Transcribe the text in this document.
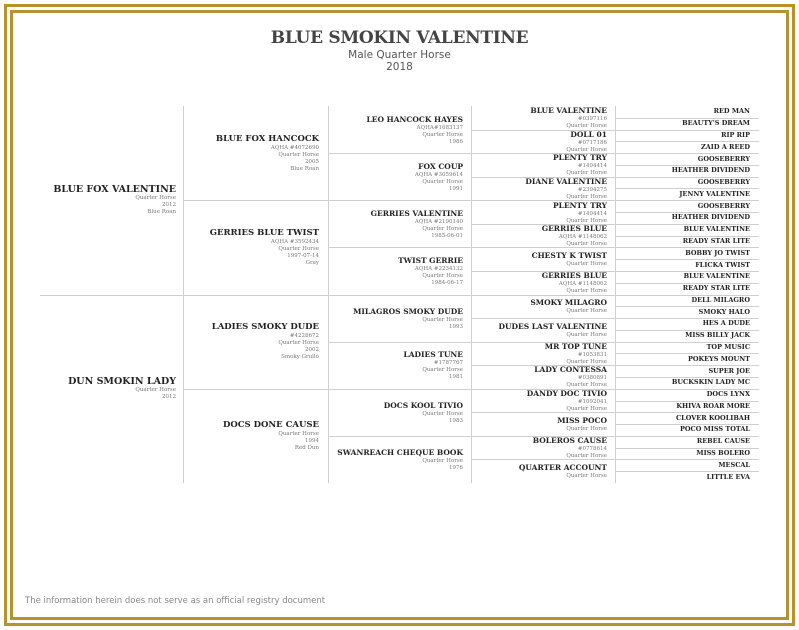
BLUE SMOKIN VALENTINE
Male Quarter Horse
2018
BLUE FOX VALENTINE
Quarter Horse
2012
Blue Roan
DUN SMOKIN LADY
Quarter Horse
2012
BLUE FOX HANCOCK
AQHA #4072690
Quarter Horse
2005
Blue Roan
GERRIES BLUE TWIST
AQHA #3592434
Quarter Horse
1997-07-14
Gray
LADIES SMOKY DUDE
#4228672
Quarter Horse
2002
Smoky Grullo
DOCS DONE CAUSE
Quarter Horse
1994
Red Dun
LEO HANCOCK HAYES
AQHA#1683137
Quarter Horse
1986
FOX COUP
AQHA #3059614
Quarter Horse
1991
GERRIES VALENTINE
AQHA #2190140
Quarter Horse
1985-06-01
TWIST GERRIE
AQHA #2234132
Quarter Horse
1984-06-17
MILAGROS SMOKY DUDE
Quarter Horse
1993
LADIES TUNE
#1787767
Quarter Horse
1981
DOCS KOOL TIVIO
Quarter Horse
1983
SWANREACH CHEQUE BOOK
Quarter Horse
1976
BLUE VALENTINE
#0397116
Quarter Horse
DOLL 01
#0717186
Quarter Horse
PLENTY TRY
#1494414
Quarter Horse
DIANE VALENTINE
#2394275
Quarter Horse
PLENTY TRY
#1494414
Quarter Horse
GERRIES BLUE
AQHA #1148062
Quarter Horse
CHESTY K TWIST
Quarter Horse
GERRIES BLUE
AQHA #1148062
Quarter Horse
SMOKY MILAGRO
Quarter Horse
DUDES LAST VALENTINE
Quarter Horse
MR TOP TUNE
#1053831
Quarter Horse
LADY CONTESSA
#0380891
Quarter Horse
DANDY DOC TIVIO
#1092041
Quarter Horse
MISS POCO
Quarter Horse
BOLEROS CAUSE
#0778614
Quarter Horse
QUARTER ACCOUNT
Quarter Horse
RED MAN
BEAUTY'S DREAM
RIP RIP
ZAID A REED
GOOSEBERRY
HEATHER DIVIDEND
GOOSEBERRY
JENNY VALENTINE
GOOSEBERRY
HEATHER DIVIDEND
BLUE VALENTINE
READY STAR LITE
BOBBY JO TWIST
FLICKA TWIST
BLUE VALENTINE
READY STAR LITE
DELL MILAGRO
SMOKY HALO
HES A DUDE
MISS BILLY JACK
TOP MUSIC
POKEYS MOUNT
SUPER JOE
BUCKSKIN LADY MC
DOCS LYNX
KHIVA ROAR MORE
CLOVER KOOLIBAH
POCO MISS TOTAL
REBEL CAUSE
MISS BOLERO
MESCAL
LITTLE EVA
The information herein does not serve as an official registry document
